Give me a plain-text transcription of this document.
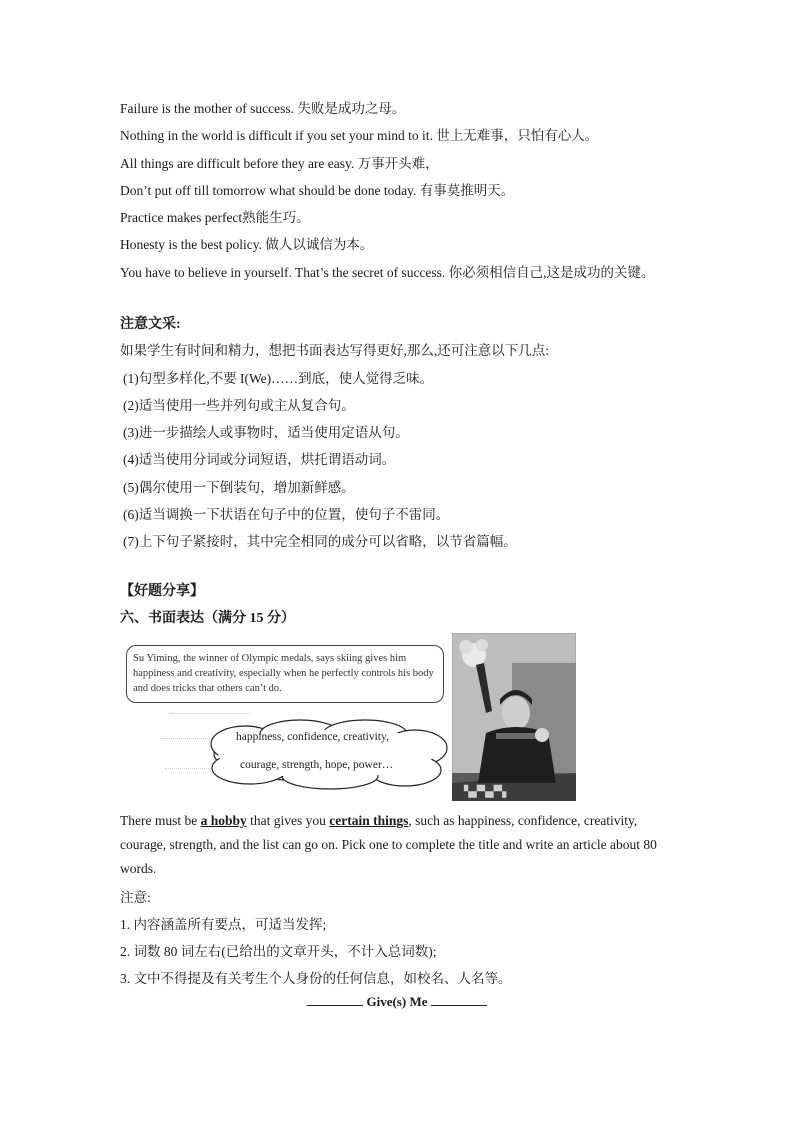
Failure is the mother of success. 失败是成功之母。
Nothing in the world is difficult if you set your mind to it. 世上无难事，只怕有心人。
All things are difficult before they are easy. 万事开头难，
Don’t put off till tomorrow what should be done today. 有事莫推明天。
Practice makes perfect熟能生巧。
Honesty is the best policy. 做人以诚信为本。
You have to believe in yourself. That’s the secret of success. 你必须相信自己,这是成功的关键。
注意文采:
如果学生有时间和精力，想把书面表达写得更好,那么,还可注意以下几点:
(1)句型多样化,不要 I(We)……到底，使人觉得乏味。
(2)适当使用一些并列句或主从复合句。
(3)进一步描绘人或事物时，适当使用定语从句。
(4)适当使用分词或分词短语，烘托谓语动词。
(5)偶尔使用一下倒装句，增加新鲜感。
(6)适当调换一下状语在句子中的位置，使句子不雷同。
(7)上下句子紧接时，其中完全相同的成分可以省略，以节省篇幅。
【好题分享】
六、书面表达（满分 15 分）
Su Yiming, the winner of Olympic medals, says skiing gives him happiness and creativity, especially when he perfectly controls his body and does tricks that others can’t do.
happiness, confidence, creativity,
courage, strength, hope, power…
▚▞▚▞▚
There must be a hobby that gives you certain things, such as happiness, confidence, creativity, courage, strength, and the list can go on. Pick one to complete the title and write an article about 80 words.
注意:
1. 内容涵盖所有要点，可适当发挥;
2. 词数 80 词左右(已给出的文章开头，不计入总词数);
3. 文中不得提及有关考生个人身份的任何信息，如校名、人名等。
Give(s) Me
